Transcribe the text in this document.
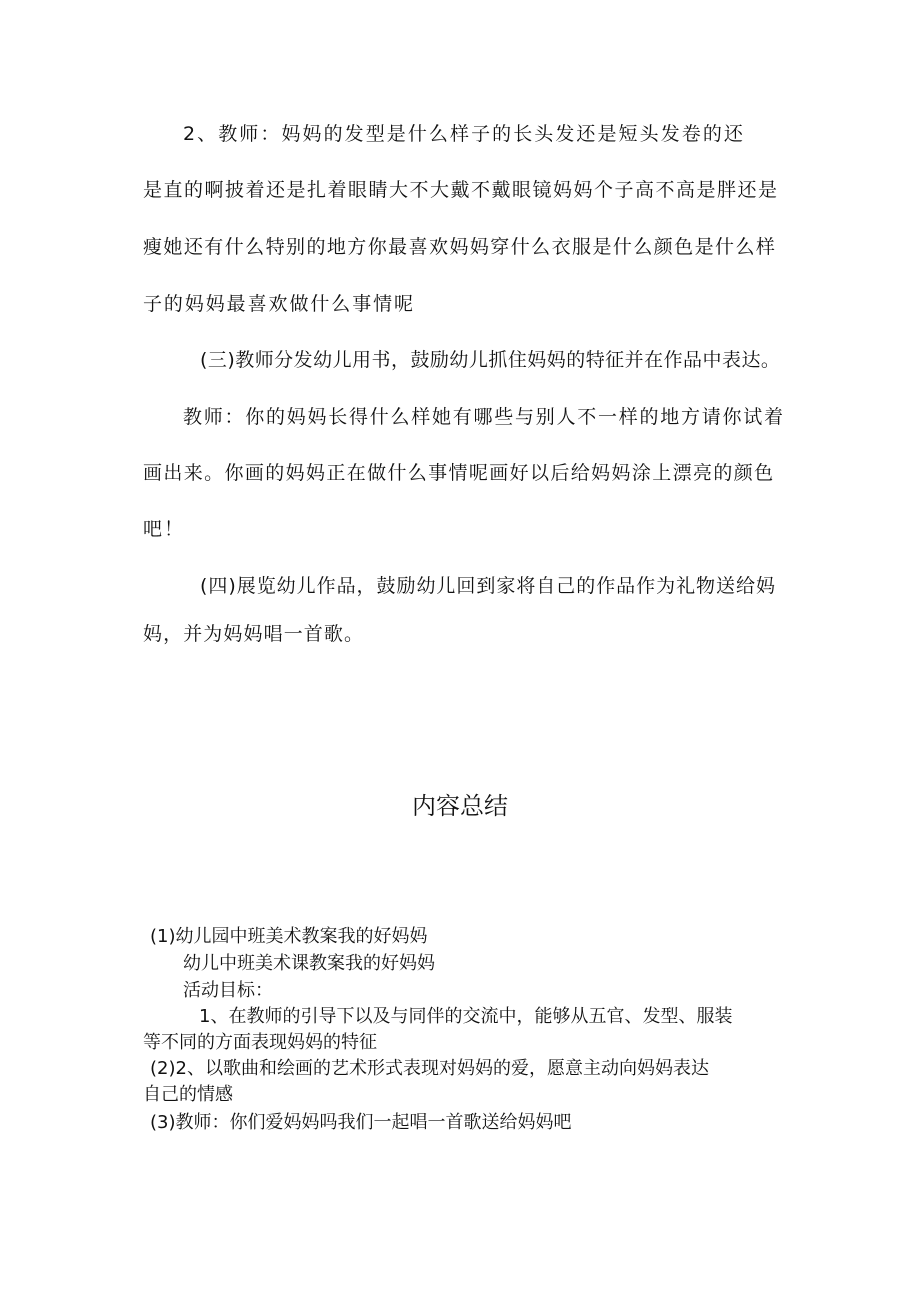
2、教师：妈妈的发型是什么样子的长头发还是短头发卷的还
是直的啊披着还是扎着眼睛大不大戴不戴眼镜妈妈个子高不高是胖还是
瘦她还有什么特别的地方你最喜欢妈妈穿什么衣服是什么颜色是什么样
子的妈妈最喜欢做什么事情呢
(三)教师分发幼儿用书，鼓励幼儿抓住妈妈的特征并在作品中表达。
教师：你的妈妈长得什么样她有哪些与别人不一样的地方请你试着
画出来。你画的妈妈正在做什么事情呢画好以后给妈妈涂上漂亮的颜色
吧！
(四)展览幼儿作品，鼓励幼儿回到家将自己的作品作为礼物送给妈
妈，并为妈妈唱一首歌。
内容总结
(1)幼儿园中班美术教案我的好妈妈
幼儿中班美术课教案我的好妈妈
活动目标：
1、在教师的引导下以及与同伴的交流中，能够从五官、发型、服装
等不同的方面表现妈妈的特征
(2)2、以歌曲和绘画的艺术形式表现对妈妈的爱，愿意主动向妈妈表达
自己的情感
(3)教师：你们爱妈妈吗我们一起唱一首歌送给妈妈吧
